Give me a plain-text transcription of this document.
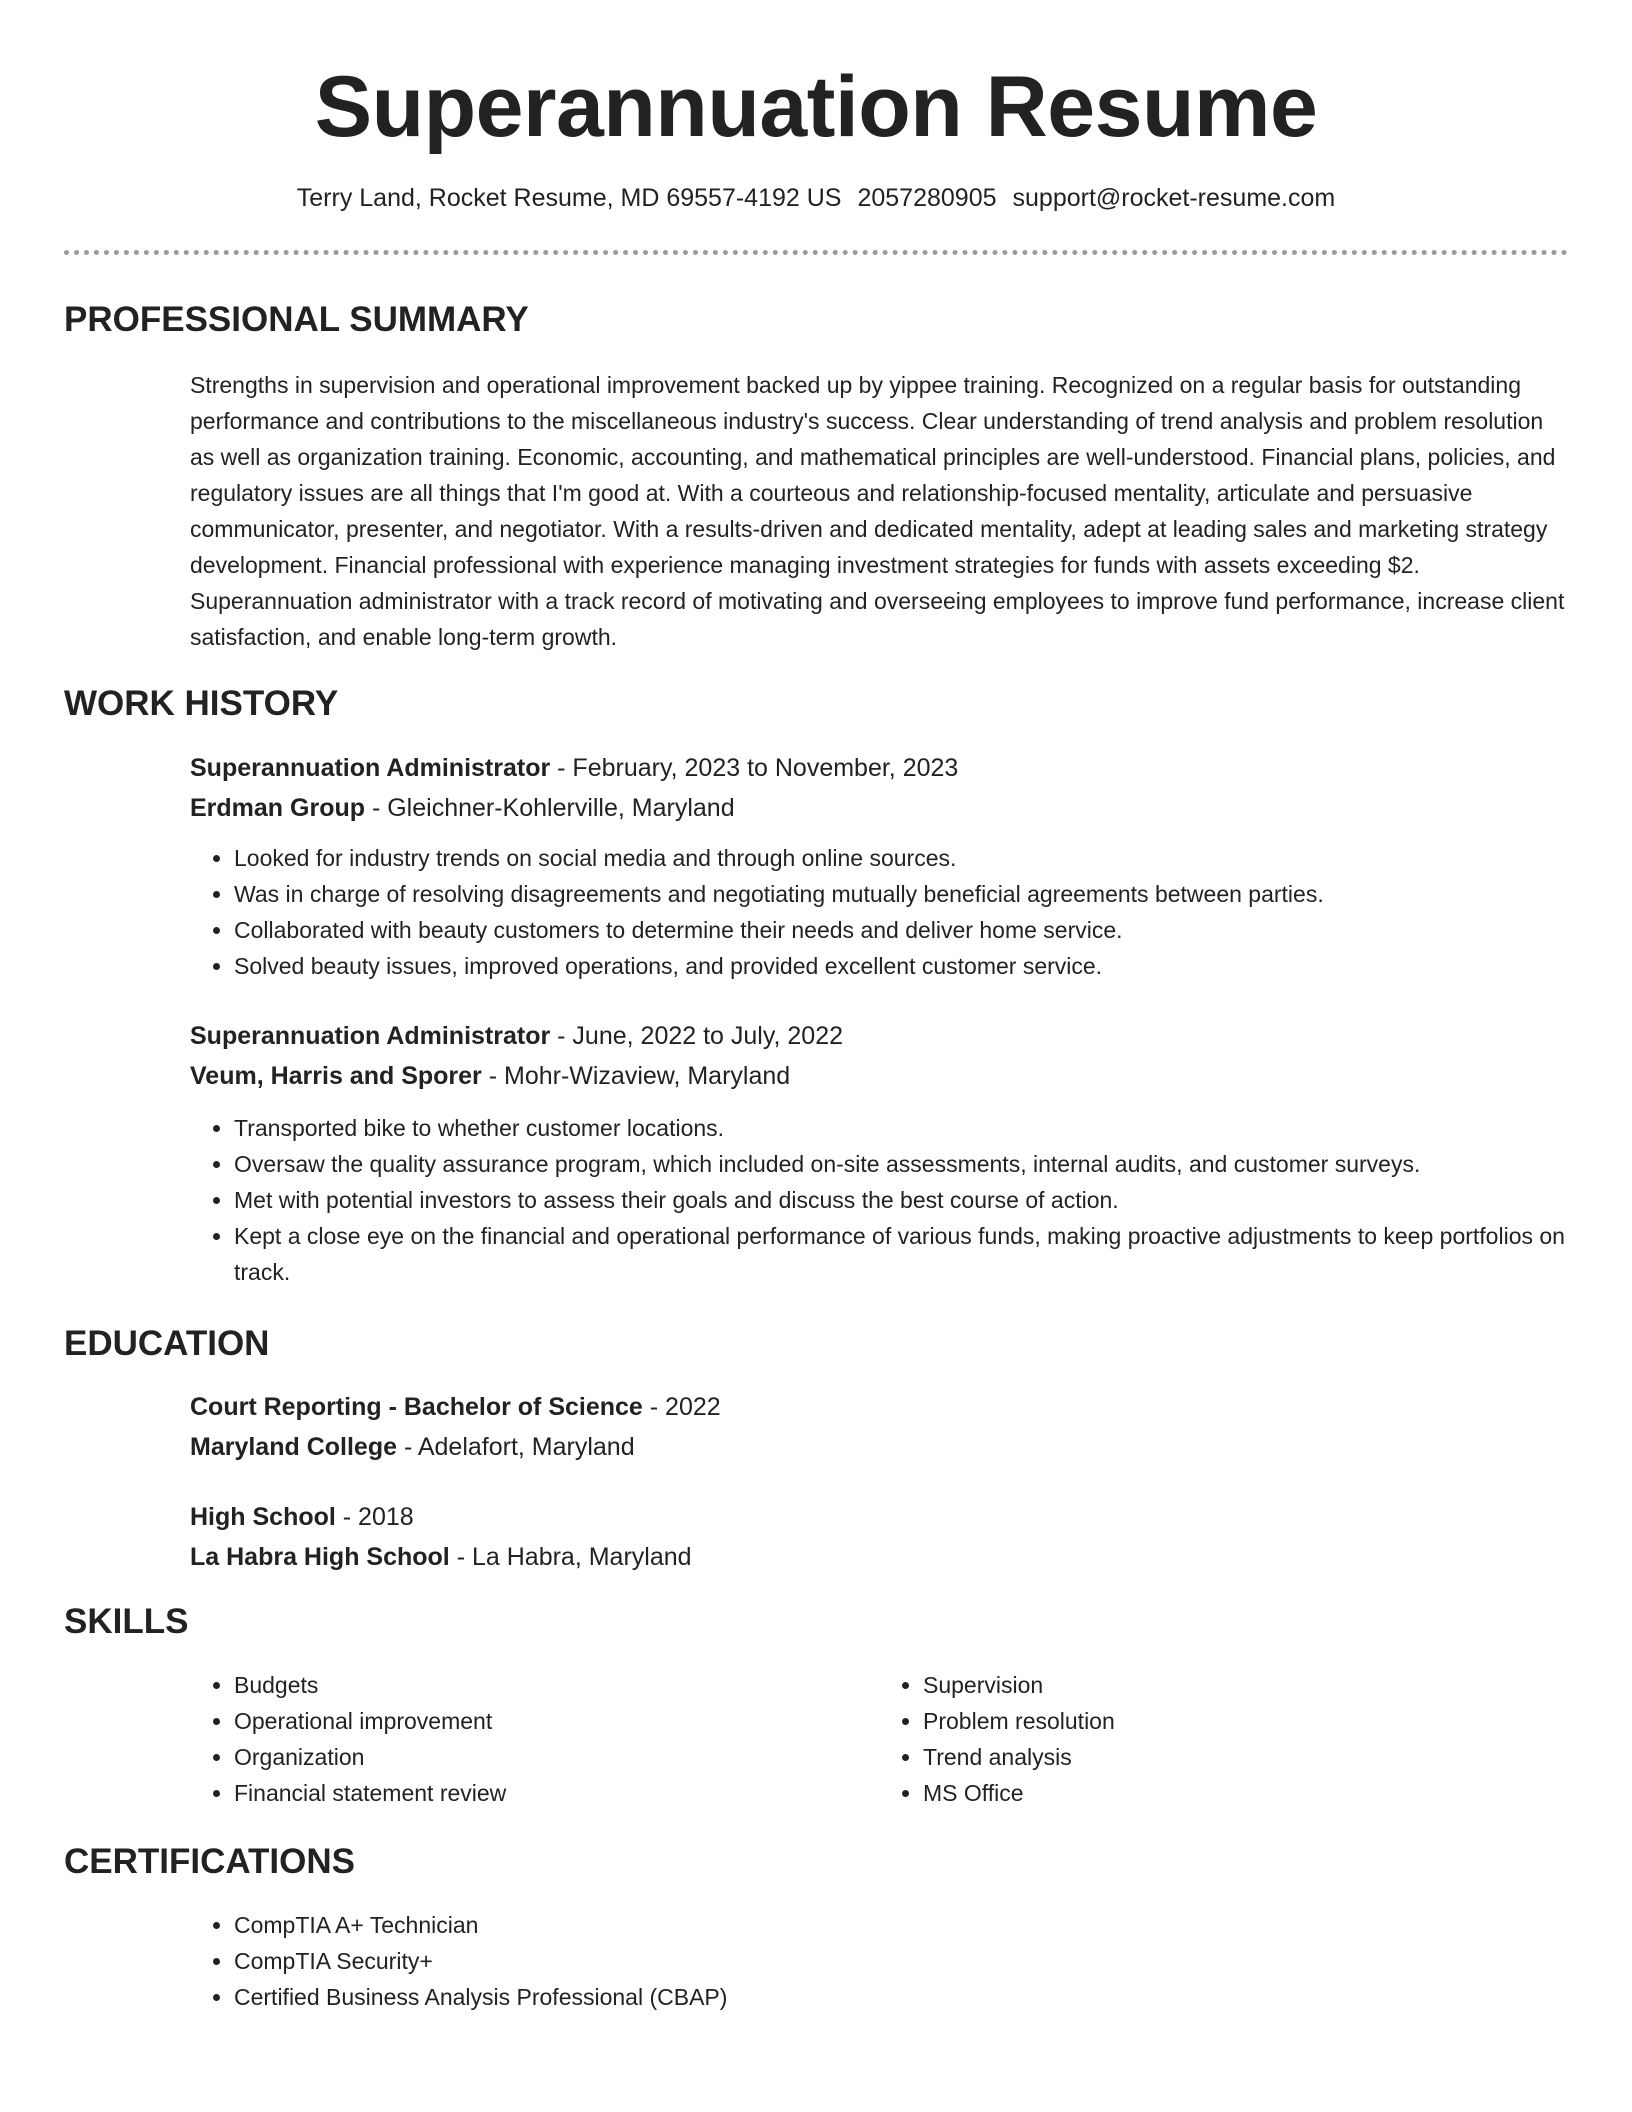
Superannuation Resume
Terry Land, Rocket Resume, MD 69557-4192 US 2057280905 support@rocket-resume.com
PROFESSIONAL SUMMARY

Strengths in supervision and operational improvement backed up by yippee training. Recognized on a regular basis for outstanding performance and contributions to the miscellaneous industry's success. Clear understanding of trend analysis and problem resolution as well as organization training. Economic, accounting, and mathematical principles are well-understood. Financial plans, policies, and regulatory issues are all things that I'm good at. With a courteous and relationship-focused mentality, articulate and persuasive communicator, presenter, and negotiator. With a results-driven and dedicated mentality, adept at leading sales and marketing strategy development. Financial professional with experience managing investment strategies for funds with assets exceeding $2. Superannuation administrator with a track record of motivating and overseeing employees to improve fund performance, increase client satisfaction, and enable long-term growth.

WORK HISTORY

Superannuation Administrator - February, 2023 to November, 2023

Erdman Group - Gleichner-Kohlerville, Maryland

• Looked for industry trends on social media and through online sources.
• Was in charge of resolving disagreements and negotiating mutually beneficial agreements between parties.
• Collaborated with beauty customers to determine their needs and deliver home service.
• Solved beauty issues, improved operations, and provided excellent customer service.

Superannuation Administrator - June, 2022 to July, 2022

Veum, Harris and Sporer - Mohr-Wizaview, Maryland

• Transported bike to whether customer locations.
• Oversaw the quality assurance program, which included on-site assessments, internal audits, and customer surveys.
• Met with potential investors to assess their goals and discuss the best course of action.
• Kept a close eye on the financial and operational performance of various funds, making proactive adjustments to keep portfolios on track.
EDUCATION

Court Reporting - Bachelor of Science - 2022

Maryland College - Adelafort, Maryland

High School - 2018

La Habra High School - La Habra, Maryland

SKILLS
• Budgets
• Operational improvement
• Organization
• Financial statement review
• Supervision
• Problem resolution
• Trend analysis
• MS Office
CERTIFICATIONS
• CompTIA A+ Technician
• CompTIA Security+
• Certified Business Analysis Professional (CBAP)
